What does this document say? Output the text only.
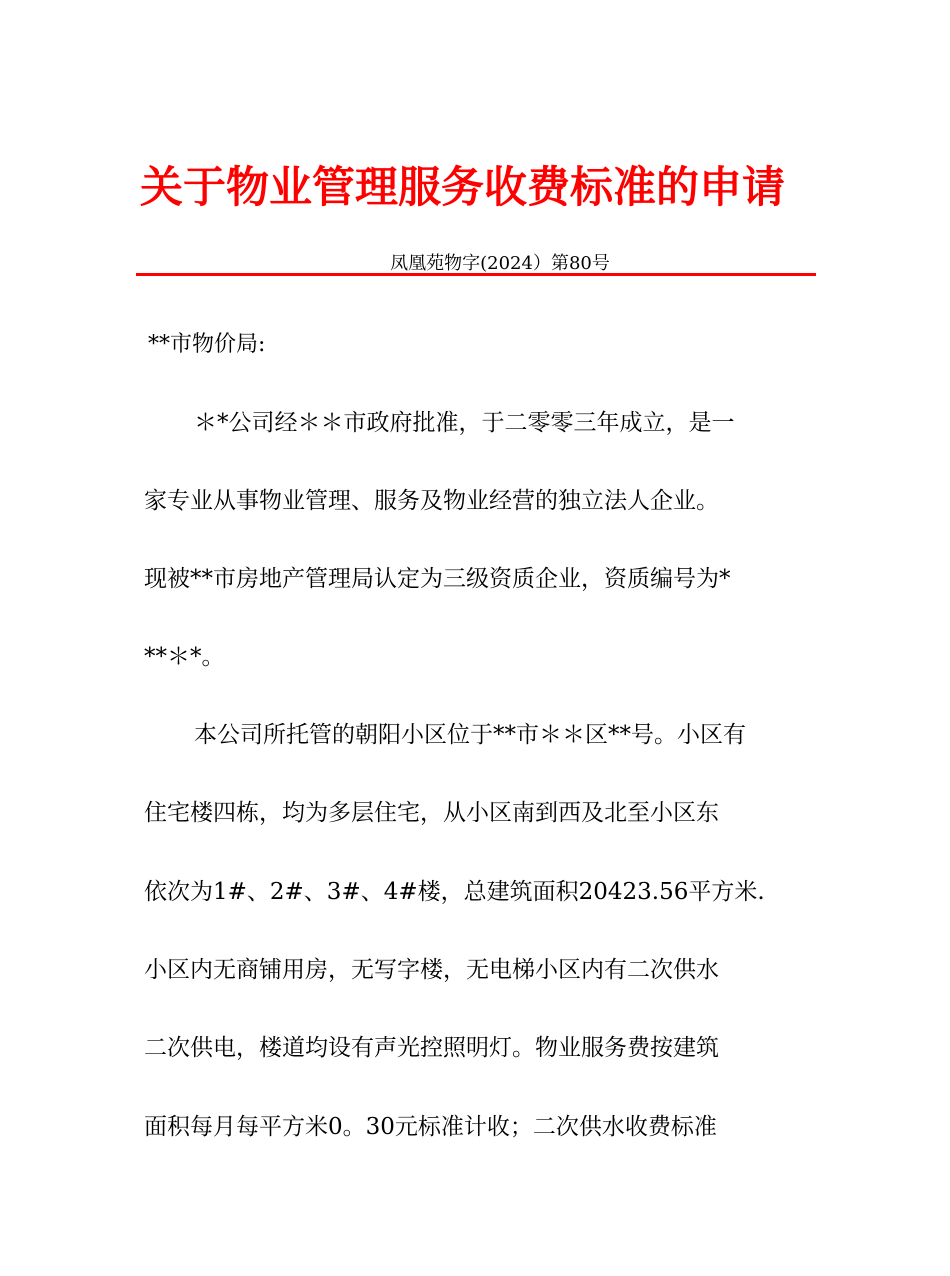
关于物业管理服务收费标准的申请
凤凰苑物字(2024）第80号
**市物价局:
＊*公司经＊＊市政府批准，于二零零三年成立，是一
家专业从事物业管理、服务及物业经营的独立法人企业。
现被**市房地产管理局认定为三级资质企业，资质编号为*
**＊*。
本公司所托管的朝阳小区位于**市＊＊区**号。小区有
住宅楼四栋，均为多层住宅，从小区南到西及北至小区东
依次为1#、2#、3#、4#楼，总建筑面积20423.56平方米.
小区内无商铺用房，无写字楼，无电梯小区内有二次供水
二次供电，楼道均设有声光控照明灯。物业服务费按建筑
面积每月每平方米0。30元标准计收；二次供水收费标准
